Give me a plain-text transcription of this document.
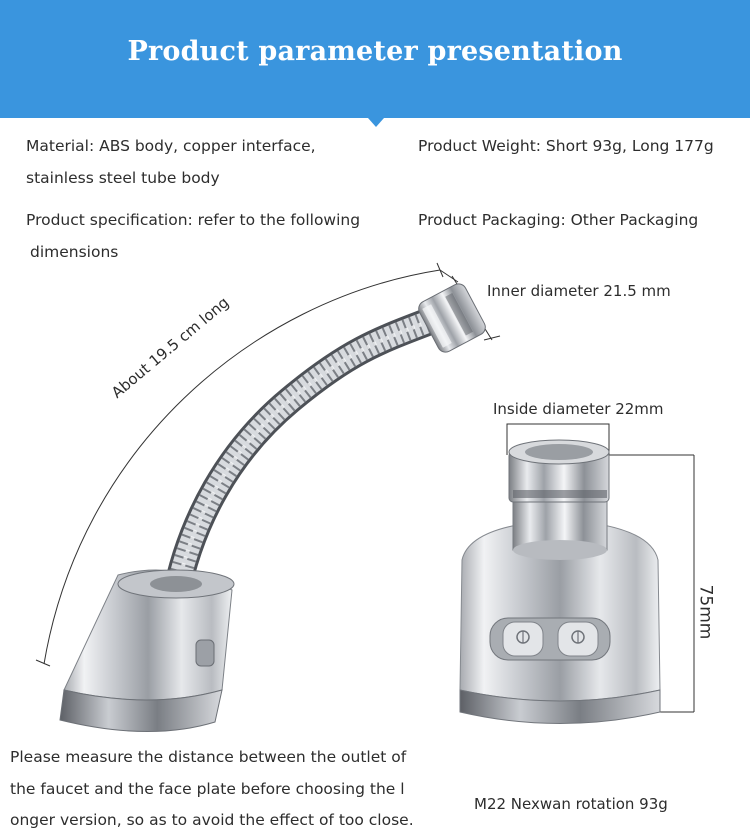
Product parameter presentation
Material: ABS body, copper interface,
stainless steel tube body
Product Weight: Short 93g, Long 177g
Product specification: refer to the following
dimensions
Product Packaging: Other Packaging
Inner diameter 21.5 mm
About 19.5 cm long
Inside diameter 22mm
75mm
M22 Nexwan rotation 93g
Please measure the distance between the outlet of
the faucet and the face plate before choosing the l
onger version, so as to avoid the effect of too close.
